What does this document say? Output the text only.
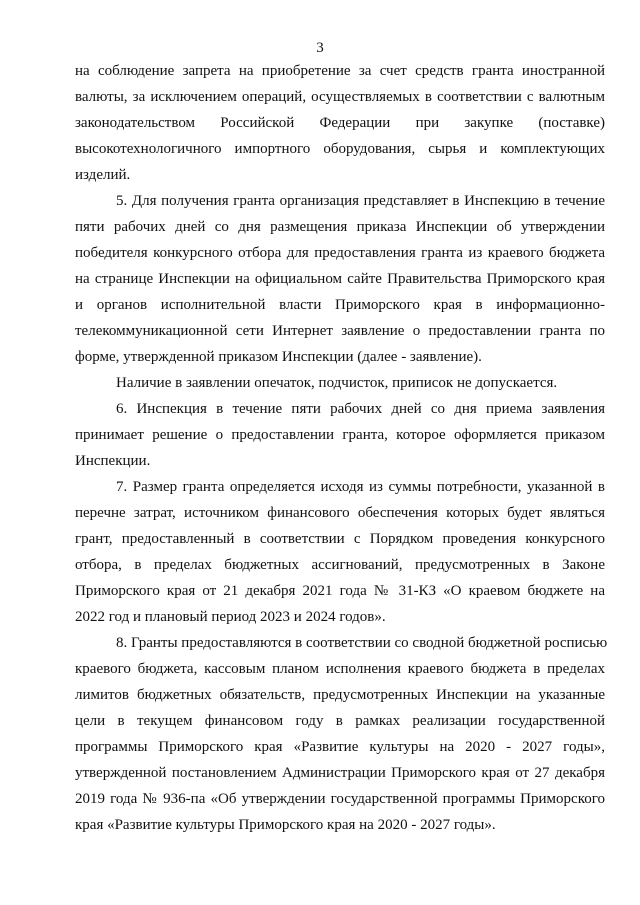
3
на соблюдение запрета на приобретение за счет средств гранта иностранной
валюты, за исключением операций, осуществляемых в соответствии с валютным
законодательством Российской Федерации при закупке (поставке)
высокотехнологичного импортного оборудования, сырья и комплектующих
изделий.
5. Для получения гранта организация представляет в Инспекцию в течение
пяти рабочих дней со дня размещения приказа Инспекции об утверждении
победителя конкурсного отбора для предоставления гранта из краевого бюджета
на странице Инспекции на официальном сайте Правительства Приморского края
и органов исполнительной власти Приморского края в информационно-
телекоммуникационной сети Интернет заявление о предоставлении гранта по
форме, утвержденной приказом Инспекции (далее - заявление).
Наличие в заявлении опечаток, подчисток, приписок не допускается.
6. Инспекция в течение пяти рабочих дней со дня приема заявления
принимает решение о предоставлении гранта, которое оформляется приказом
Инспекции.
7. Размер гранта определяется исходя из суммы потребности, указанной в
перечне затрат, источником финансового обеспечения которых будет являться
грант, предоставленный в соответствии с Порядком проведения конкурсного
отбора, в пределах бюджетных ассигнований, предусмотренных в Законе
Приморского края от 21 декабря 2021 года № 31-КЗ «О краевом бюджете на
2022 год и плановый период 2023 и 2024 годов».
8. Гранты предоставляются в соответствии со сводной бюджетной росписью
краевого бюджета, кассовым планом исполнения краевого бюджета в пределах
лимитов бюджетных обязательств, предусмотренных Инспекции на указанные
цели в текущем финансовом году в рамках реализации государственной
программы Приморского края «Развитие культуры на 2020 - 2027 годы»,
утвержденной постановлением Администрации Приморского края от 27 декабря
2019 года № 936-па «Об утверждении государственной программы Приморского
края «Развитие культуры Приморского края на 2020 - 2027 годы».
